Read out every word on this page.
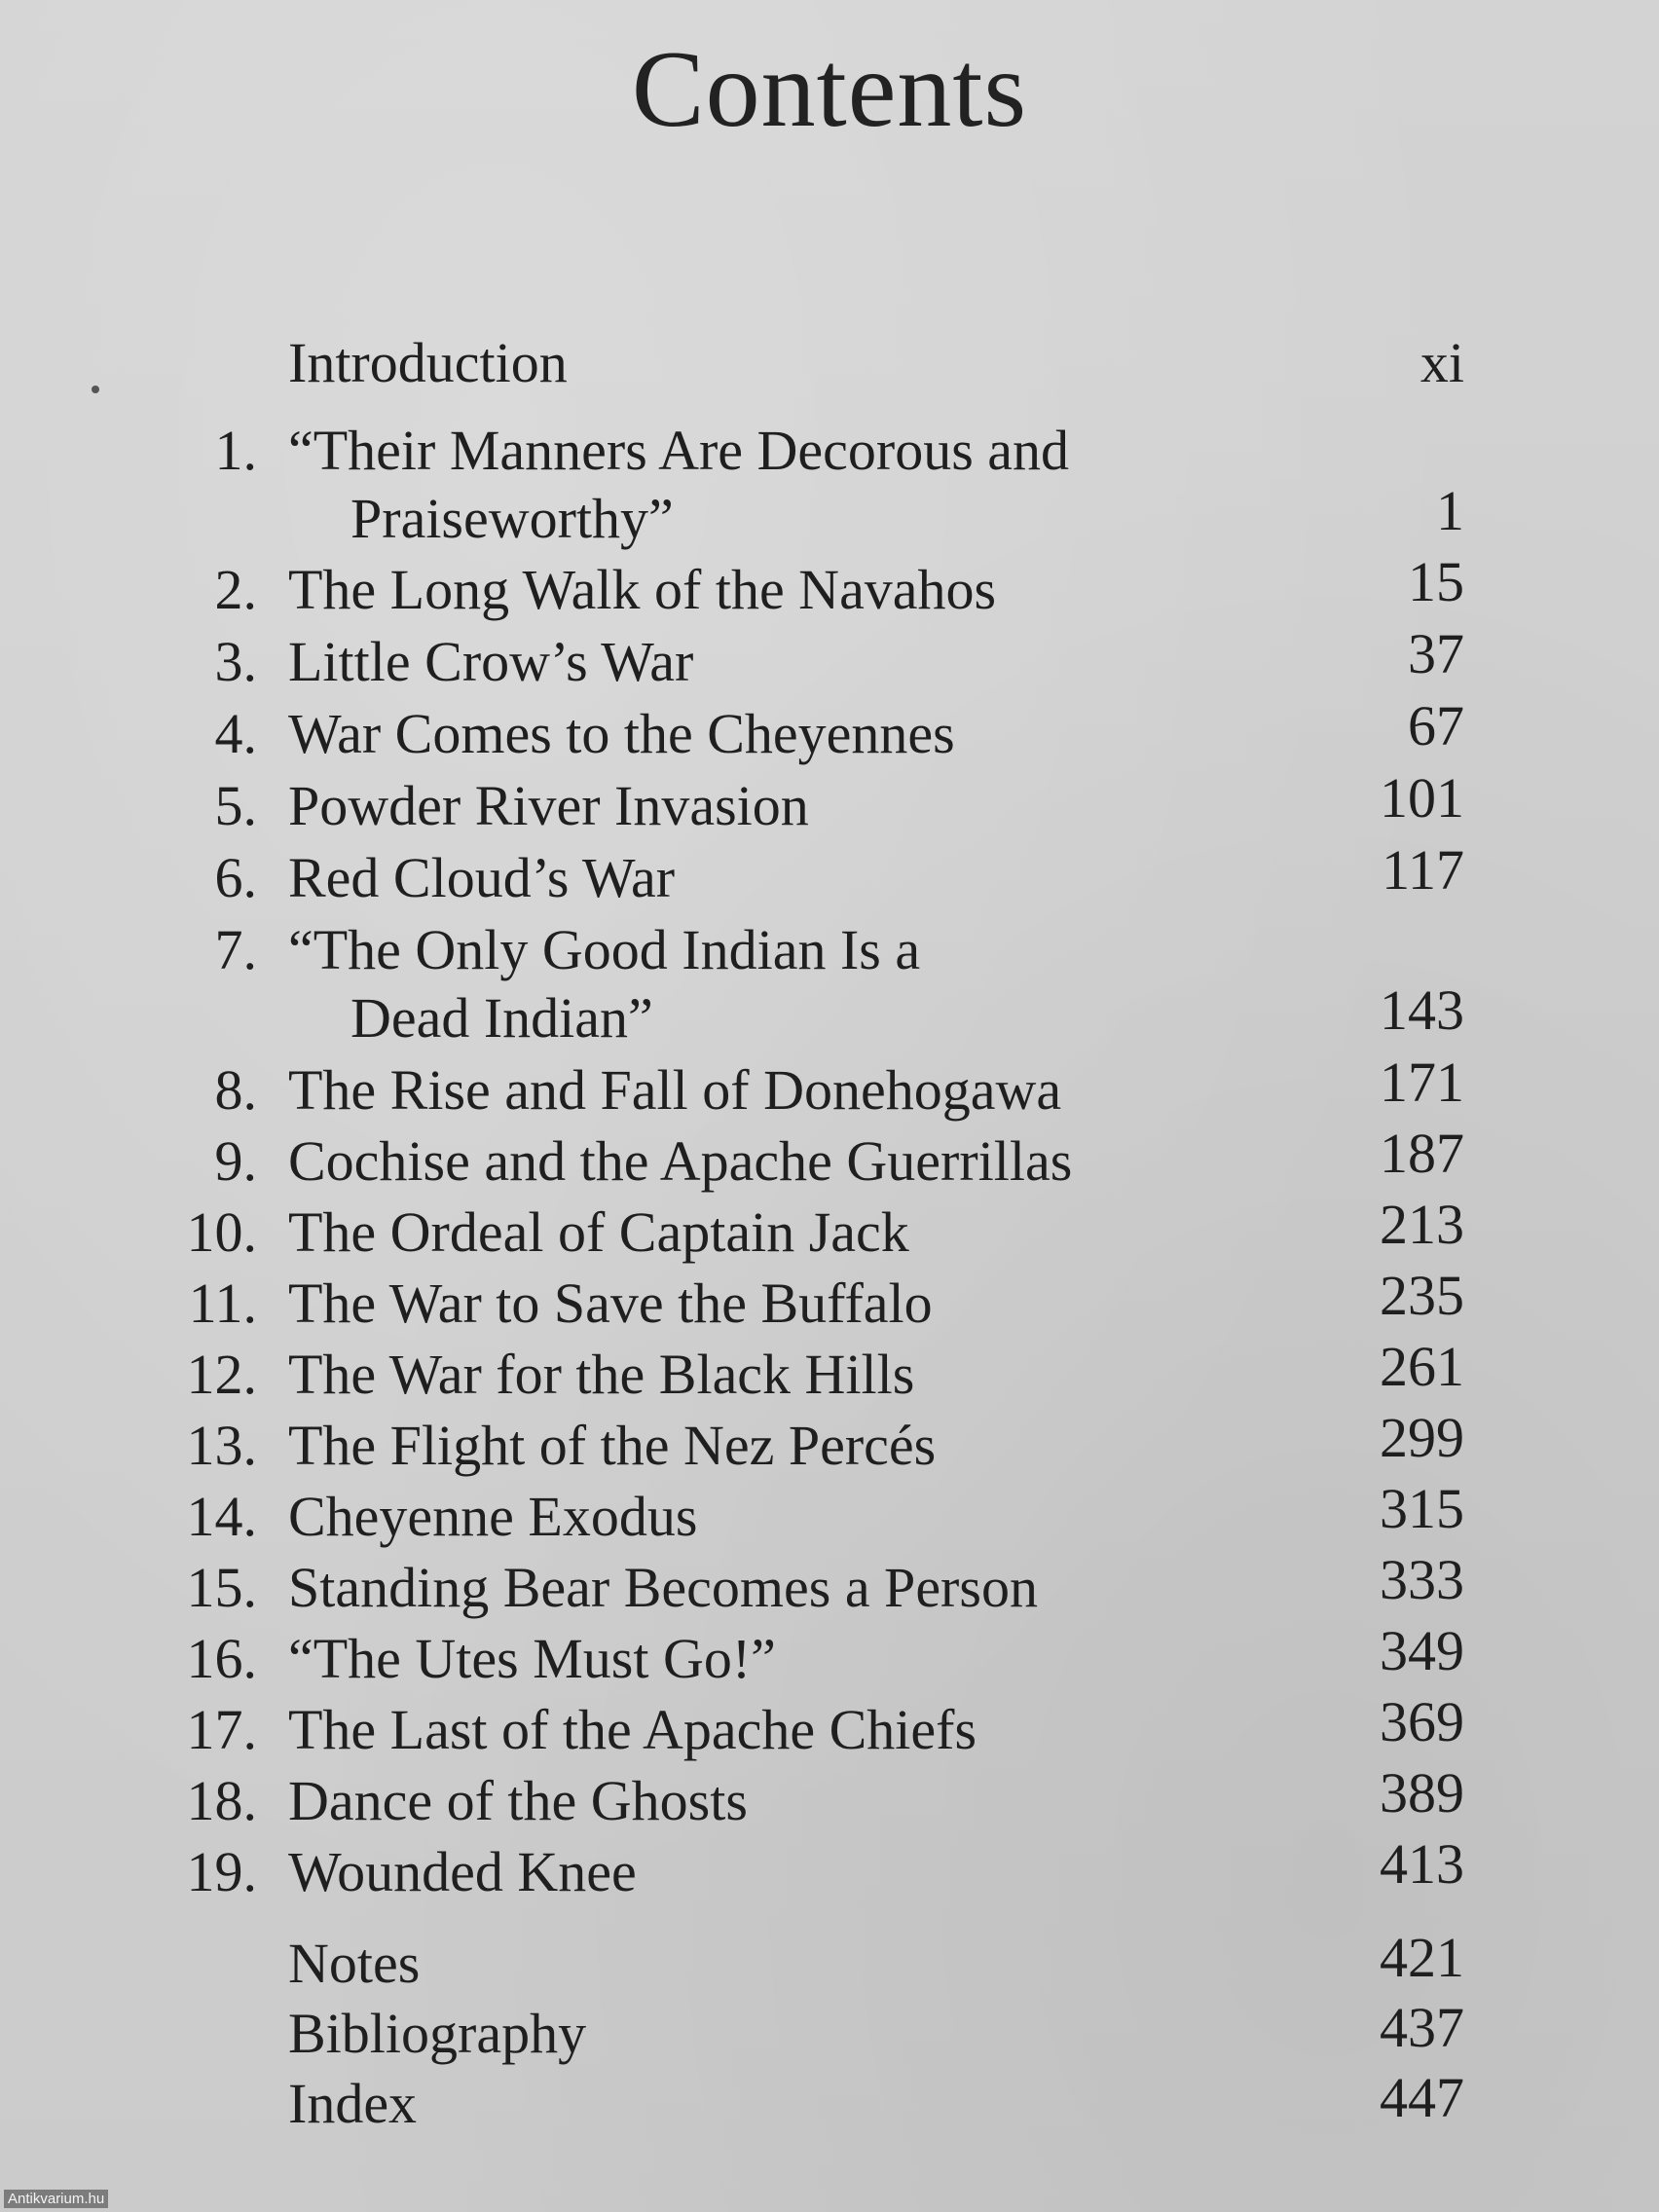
Contents
Introduction	xi
1. “Their Manners Are Decorous and
Praiseworthy”	1
2. The Long Walk of the Navahos	15
3. Little Crow’s War	37
4. War Comes to the Cheyennes	67
5. Powder River Invasion	101
6. Red Cloud’s War	117
7. “The Only Good Indian Is a
Dead Indian”	143
8. The Rise and Fall of Donehogawa	171
9. Cochise and the Apache Guerrillas	187
10. The Ordeal of Captain Jack	213
11. The War to Save the Buffalo	235
12. The War for the Black Hills	261
13. The Flight of the Nez Percés	299
14. Cheyenne Exodus	315
15. Standing Bear Becomes a Person	333
16. “The Utes Must Go!”	349
17. The Last of the Apache Chiefs	369
18. Dance of the Ghosts	389
19. Wounded Knee	413
Notes	421
Bibliography	437
Index	447
Antikvarium.hu
